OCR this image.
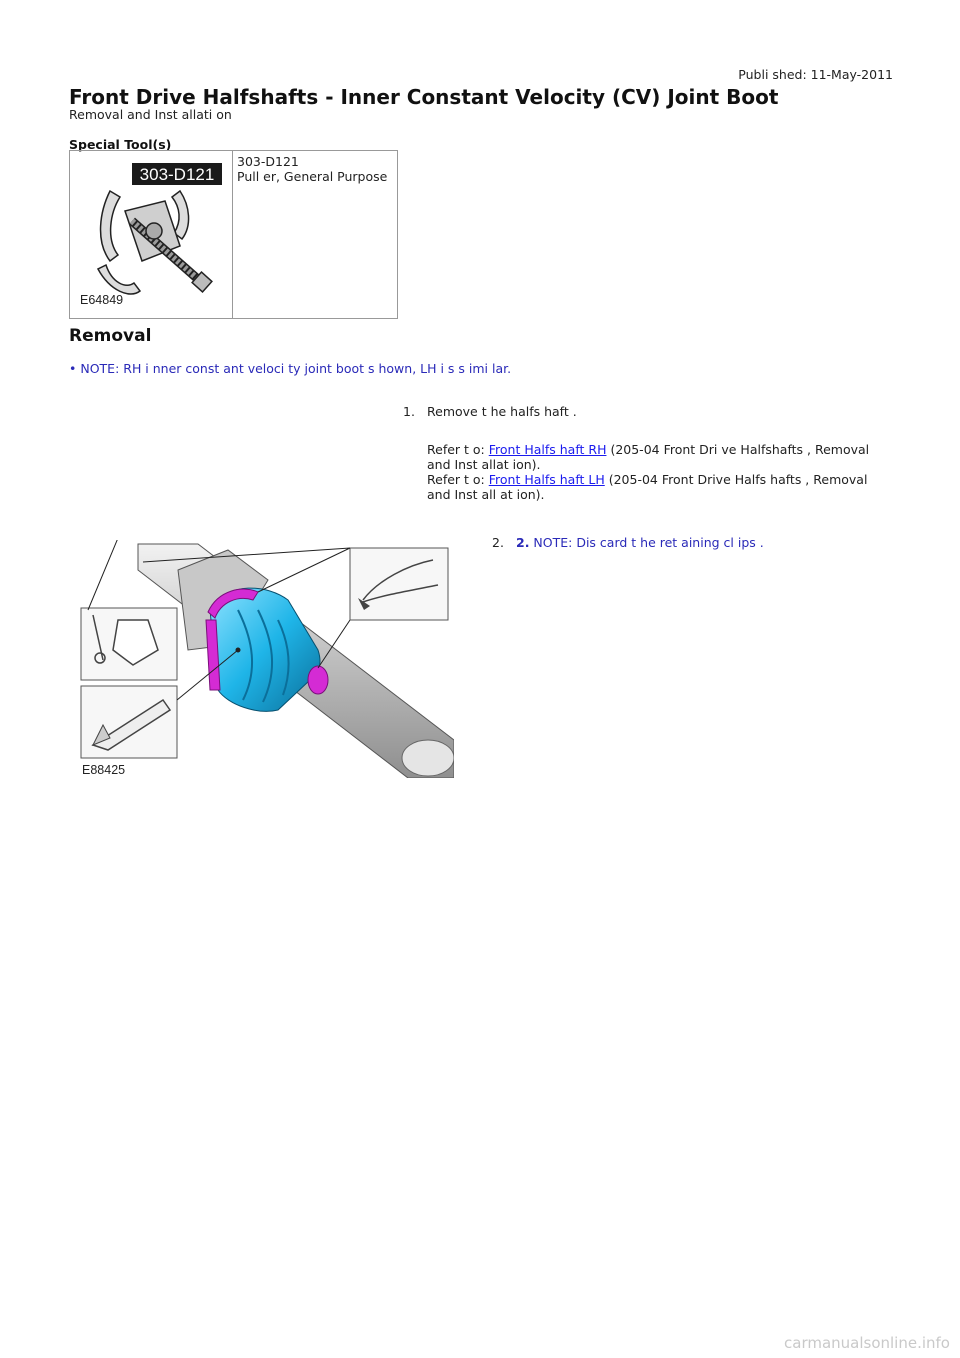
Publi shed: 11-May-2011
Front Drive Halfshafts - Inner Constant Velocity (CV) Joint Boot
Removal and Inst allati on
Special Tool(s)
303-D121
E64849

303-D121
Pull er, General Purpose
Removal
• NOTE: RH i nner const ant veloci ty joint boot s hown, LH i s s imi lar.
1. Remove t he halfs haft .
Refer t o: Front Halfs haft RH (205-04 Front Dri ve Halfshafts , Removal and Inst allat ion).
Refer t o: Front Halfs haft LH (205-04 Front Drive Halfs hafts , Removal and Inst all at ion).
2. 2. NOTE: Dis card t he ret aining cl ips .
E88425
carmanualsonline.info
